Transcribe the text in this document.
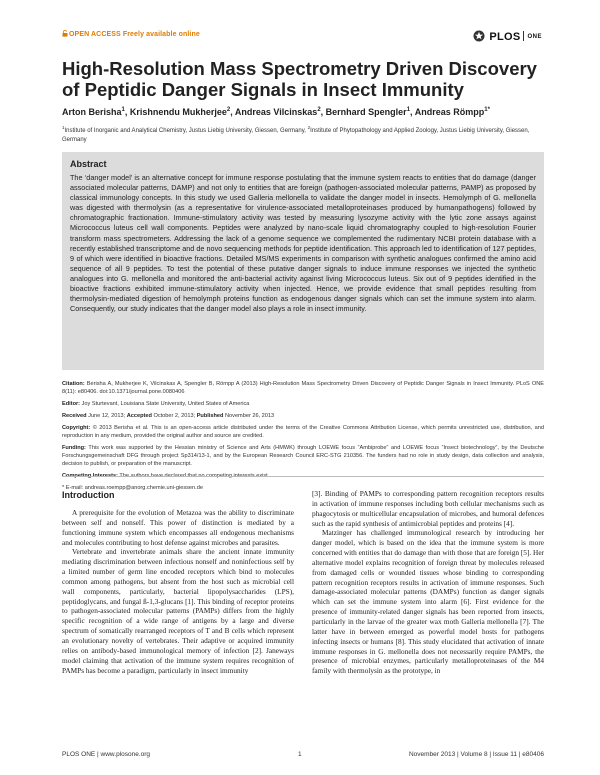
OPEN ACCESS Freely available online	PLOS ONE
High-Resolution Mass Spectrometry Driven Discovery of Peptidic Danger Signals in Insect Immunity
Arton Berisha$^1$, Krishnendu Mukherjee$^2$, Andreas Vilcinskas$^2$, Bernhard Spengler$^1$, Andreas Römpp$^{1*}$
$^1$Institute of Inorganic and Analytical Chemistry, Justus Liebig University, Giessen, Germany, $^2$Institute of Phytopathology and Applied Zoology, Justus Liebig University, Giessen, Germany
Abstract

The ‘danger model’ is an alternative concept for immune response postulating that the immune system reacts to entities that do damage (danger associated molecular patterns, DAMP) and not only to entities that are foreign (pathogen-associated molecular patterns, PAMP) as proposed by classical immunology concepts. In this study we used Galleria mellonella to validate the danger model in insects. Hemolymph of G. mellonella was digested with thermolysin (as a representative for virulence-associated metalloproteinases produced by humanpathogens) followed by chromatographic fractionation. Immune-stimulatory activity was tested by measuring lysozyme activity with the lytic zone assays against Micrococcus luteus cell wall components. Peptides were analyzed by nano-scale liquid chromatography coupled to high-resolution Fourier transform mass spectrometers. Addressing the lack of a genome sequence we complemented the rudimentary NCBI protein database with a recently established transcriptome and de novo sequencing methods for peptide identification. This approach led to identification of 127 peptides, 9 of which were identified in bioactive fractions. Detailed MS/MS experiments in comparison with synthetic analogues confirmed the amino acid sequence of all 9 peptides. To test the potential of these putative danger signals to induce immune responses we injected the synthetic analogues into G. mellonella and monitored the anti-bacterial activity against living Micrococcus luteus. Six out of 9 peptides identified in the bioactive fractions exhibited immune-stimulatory activity when injected. Hence, we provide evidence that small peptides resulting from thermolysin-mediated digestion of hemolymph proteins function as endogenous danger signals which can set the immune system into alarm. Consequently, our study indicates that the danger model also plays a role in insect immunity.

Citation: Berisha A, Mukherjee K, Vilcinskas A, Spengler B, Römpp A (2013) High-Resolution Mass Spectrometry Driven Discovery of Peptidic Danger Signals in Insect Immunity. PLoS ONE 8(11): e80406. doi:10.1371/journal.pone.0080406

Editor: Joy Sturtevant, Louisiana State University, United States of America

Received June 12, 2013; Accepted October 2, 2013; Published November 26, 2013

Copyright: © 2013 Berisha et al. This is an open-access article distributed under the terms of the Creative Commons Attribution License, which permits unrestricted use, distribution, and reproduction in any medium, provided the original author and source are credited.

Funding: This work was supported by the Hessian ministry of Science and Arts (HMWK) through LOEWE focus “Ambiprobe” and LOEWE focus “Insect biotechnology”, by the Deutsche Forschungsgemeinschaft DFG through project Sp314/13-1, and by the European Research Council ERC-STG 210356. The funders had no role in study design, data collection and analysis, decision to publish, or preparation of the manuscript.

* E-mail: andreas.roempp@anorg.chemie.uni-giessen.de

Introduction

A prerequisite for the evolution of Metazoa was the ability to discriminate between self and nonself. This power of distinction is mediated by a functioning immune system which encompasses all endogenous mechanisms and molecules contributing to host defense against microbes and parasites.

Vertebrate and invertebrate animals share the ancient innate immunity mediating discrimination between infectious nonself and noninfectious self by a limited number of germ line encoded receptors which bind to molecules common among pathogens, but absent from the host such as microbial cell wall components, particularly, bacterial lipopolysaccharides (LPS), peptidoglycans, and fungal ß-1,3-glucans [1]. This binding of receptor proteins to pathogen-associated molecular patterns (PAMPs) differs from the highly specific recognition of a wide range of antigens by a large and diverse spectrum of somatically rearranged receptors of T and B cells which represent an evolutionary novelty of vertebrates. Their adaptive or acquired immunity relies on antibody-based immunological memory of infection [2]. Janeways model claiming that activation of the immune system requires recognition of PAMPs has become a paradigm, particularly in insect immunity

[3]. Binding of PAMPs to corresponding pattern recognition receptors results in activation of immune responses including both cellular mechanisms such as phagocytosis or multicellular encapsulation of microbes, and humoral defences such as the rapid synthesis of antimicrobial peptides and proteins [4].

Matzinger has challenged immunological research by introducing her danger model, which is based on the idea that the immune system is more concerned with entities that do damage than with those that are foreign [5]. Her alternative model explains recognition of foreign threat by molecules released from damaged cells or wounded tissues whose binding to corresponding pattern recognition receptors results in activation of immune responses. Such damage-associated molecular patterns (DAMPs) function as danger signals which can set the immune system into alarm [6]. First evidence for the presence of immunity-related danger signals has been reported from insects, particularly in the larvae of the greater wax moth Galleria mellonella [7]. The latter have in between emerged as powerful model hosts for pathogens infecting insects or humans [8]. This study elucidated that activation of innate immune responses in G. mellonella does not necessarily require PAMPs, the presence of microbial enzymes, particularly metalloproteinases of the M4 family with thermolysin as the prototype, in

PLOS ONE | www.plosone.org	1	November 2013 | Volume 8 | Issue 11 | e80406
